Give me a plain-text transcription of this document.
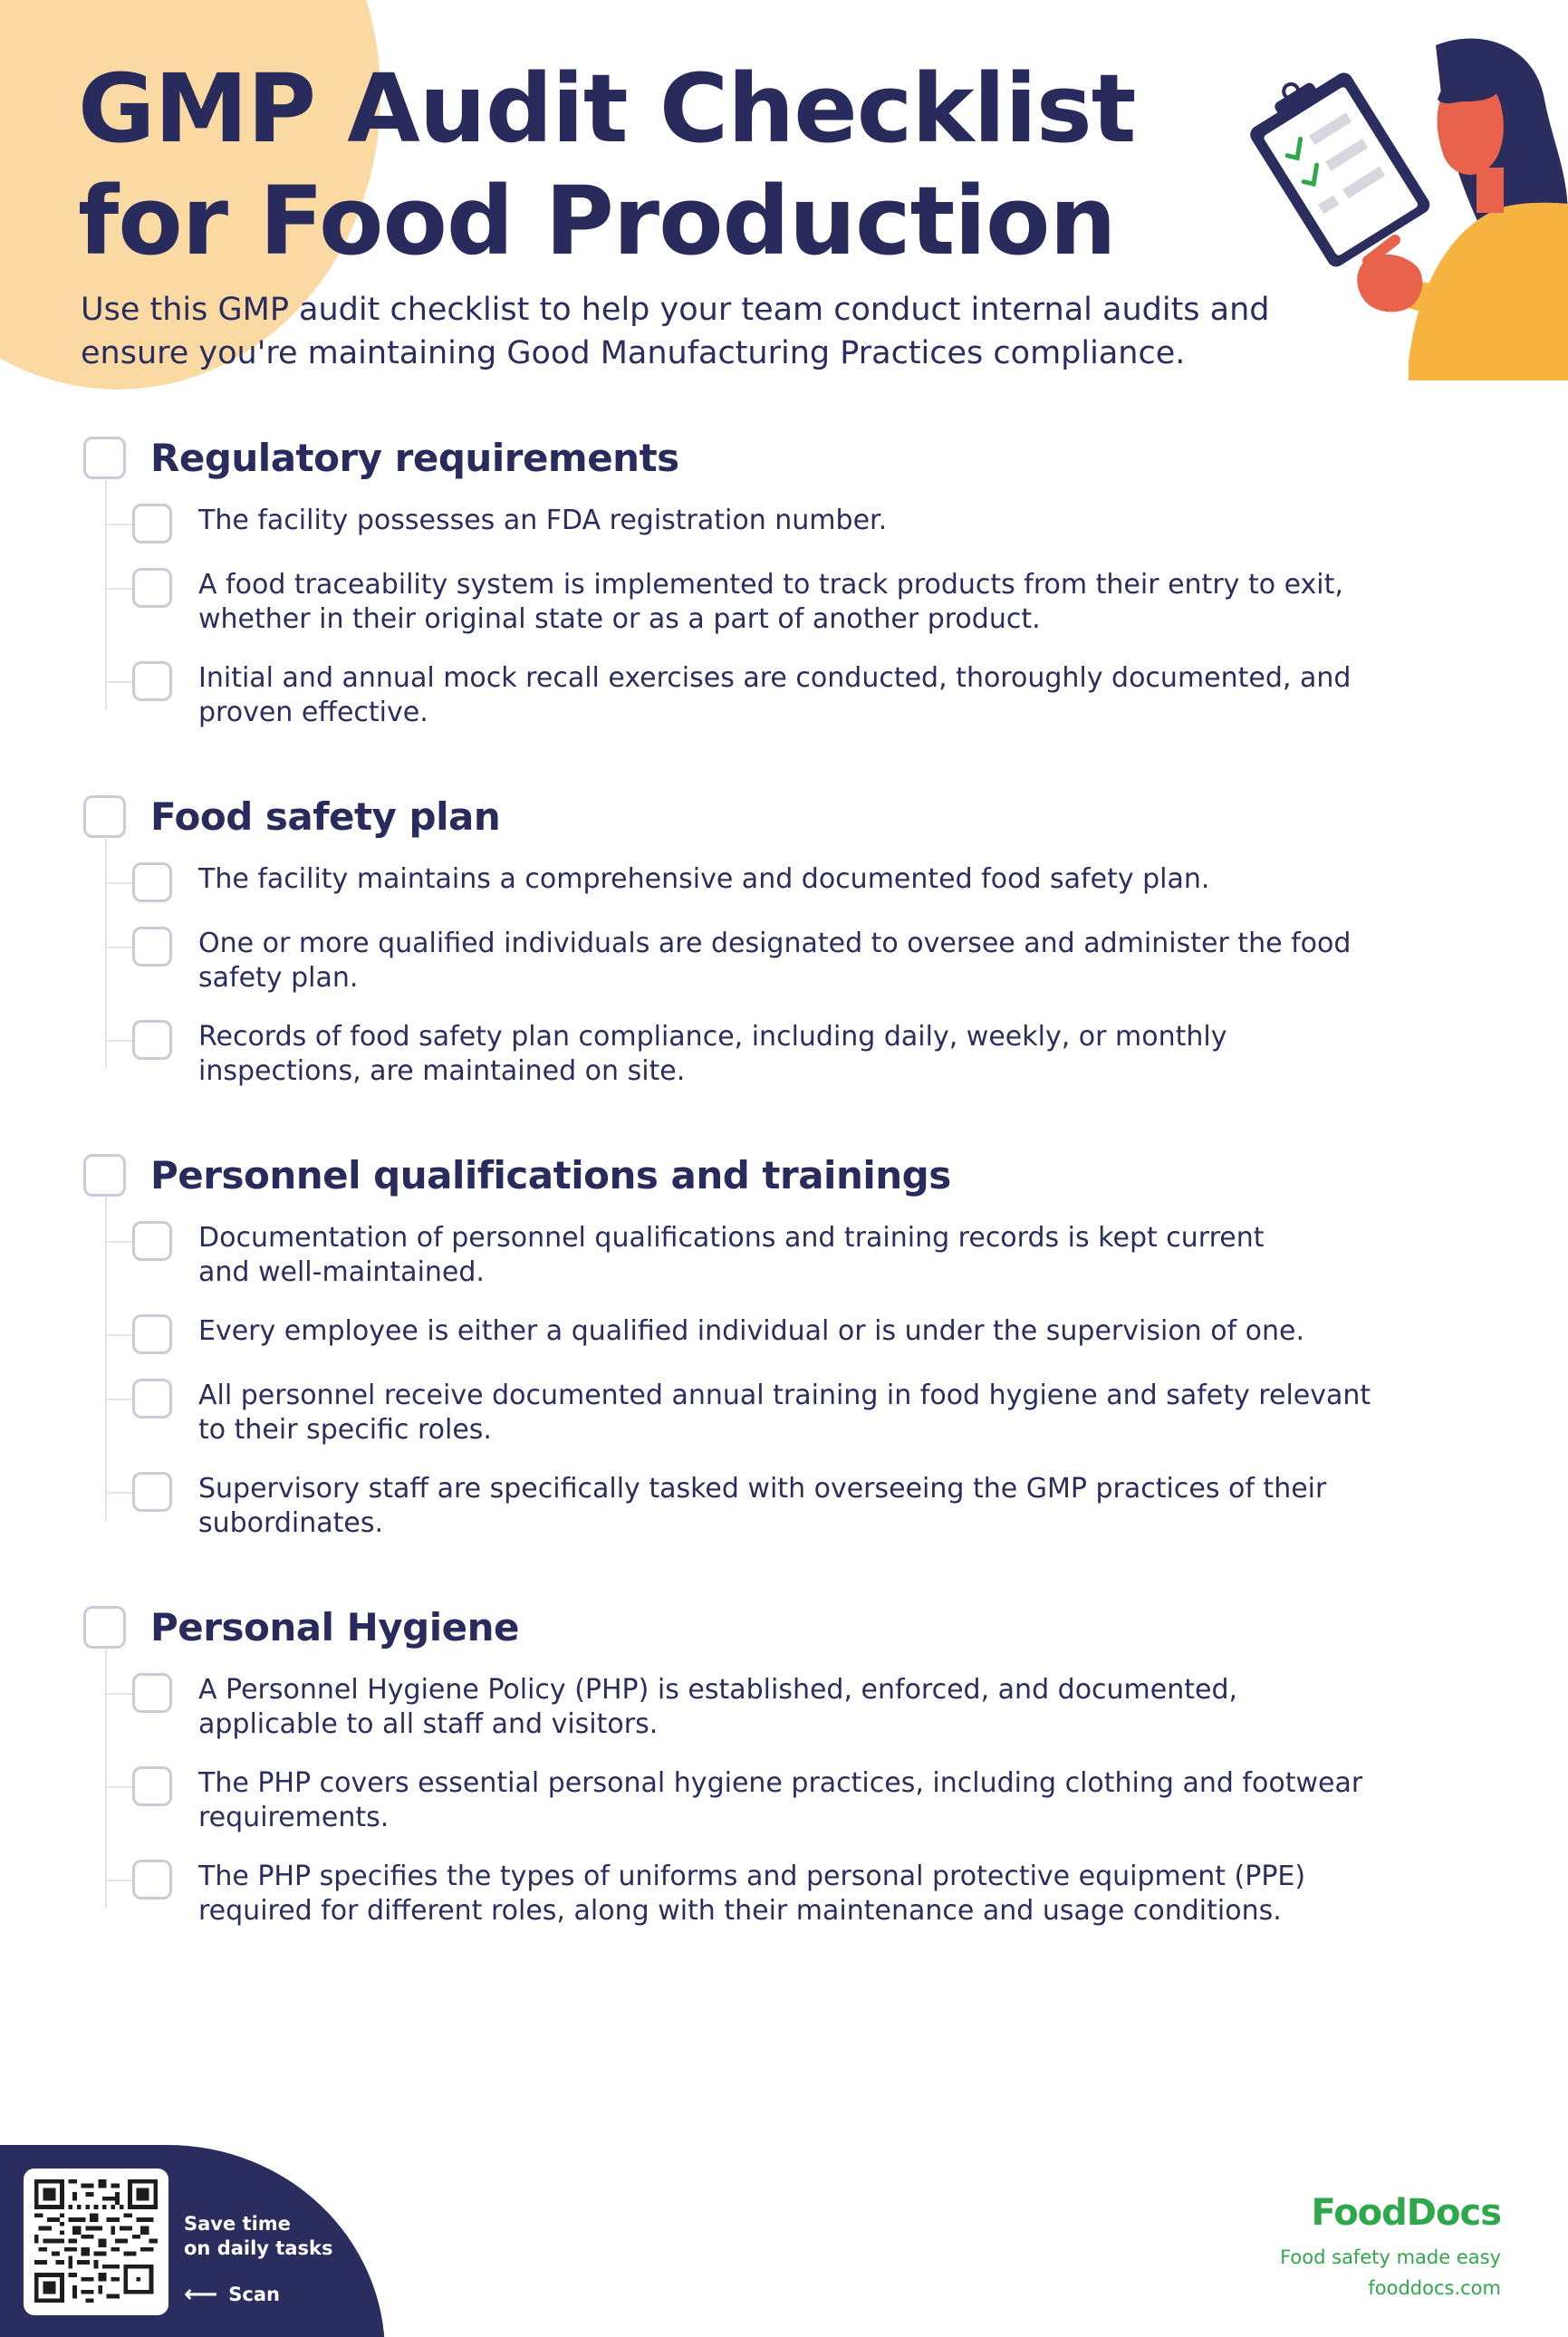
GMP Audit Checklist
for Food Production

Use this GMP audit checklist to help your team conduct internal audits and
ensure you're maintaining Good Manufacturing Practices compliance.

Regulatory requirements

The facility possesses an FDA registration number.

A food traceability system is implemented to track products from their entry to exit,
whether in their original state or as a part of another product.

Initial and annual mock recall exercises are conducted, thoroughly documented, and
proven effective.

Food safety plan

The facility maintains a comprehensive and documented food safety plan.

One or more qualified individuals are designated to oversee and administer the food
safety plan.

Records of food safety plan compliance, including daily, weekly, or monthly
inspections, are maintained on site.

Personnel qualifications and trainings

Documentation of personnel qualifications and training records is kept current
and well-maintained.

Every employee is either a qualified individual or is under the supervision of one.

All personnel receive documented annual training in food hygiene and safety relevant
to their specific roles.

Supervisory staff are specifically tasked with overseeing the GMP practices of their
subordinates.

Personal Hygiene

A Personnel Hygiene Policy (PHP) is established, enforced, and documented,
applicable to all staff and visitors.

The PHP covers essential personal hygiene practices, including clothing and footwear
requirements.

The PHP specifies the types of uniforms and personal protective equipment (PPE)
required for different roles, along with their maintenance and usage conditions.

Save time
on daily tasks
⟵ Scan
FoodDocs
Food safety made easy
fooddocs.com
